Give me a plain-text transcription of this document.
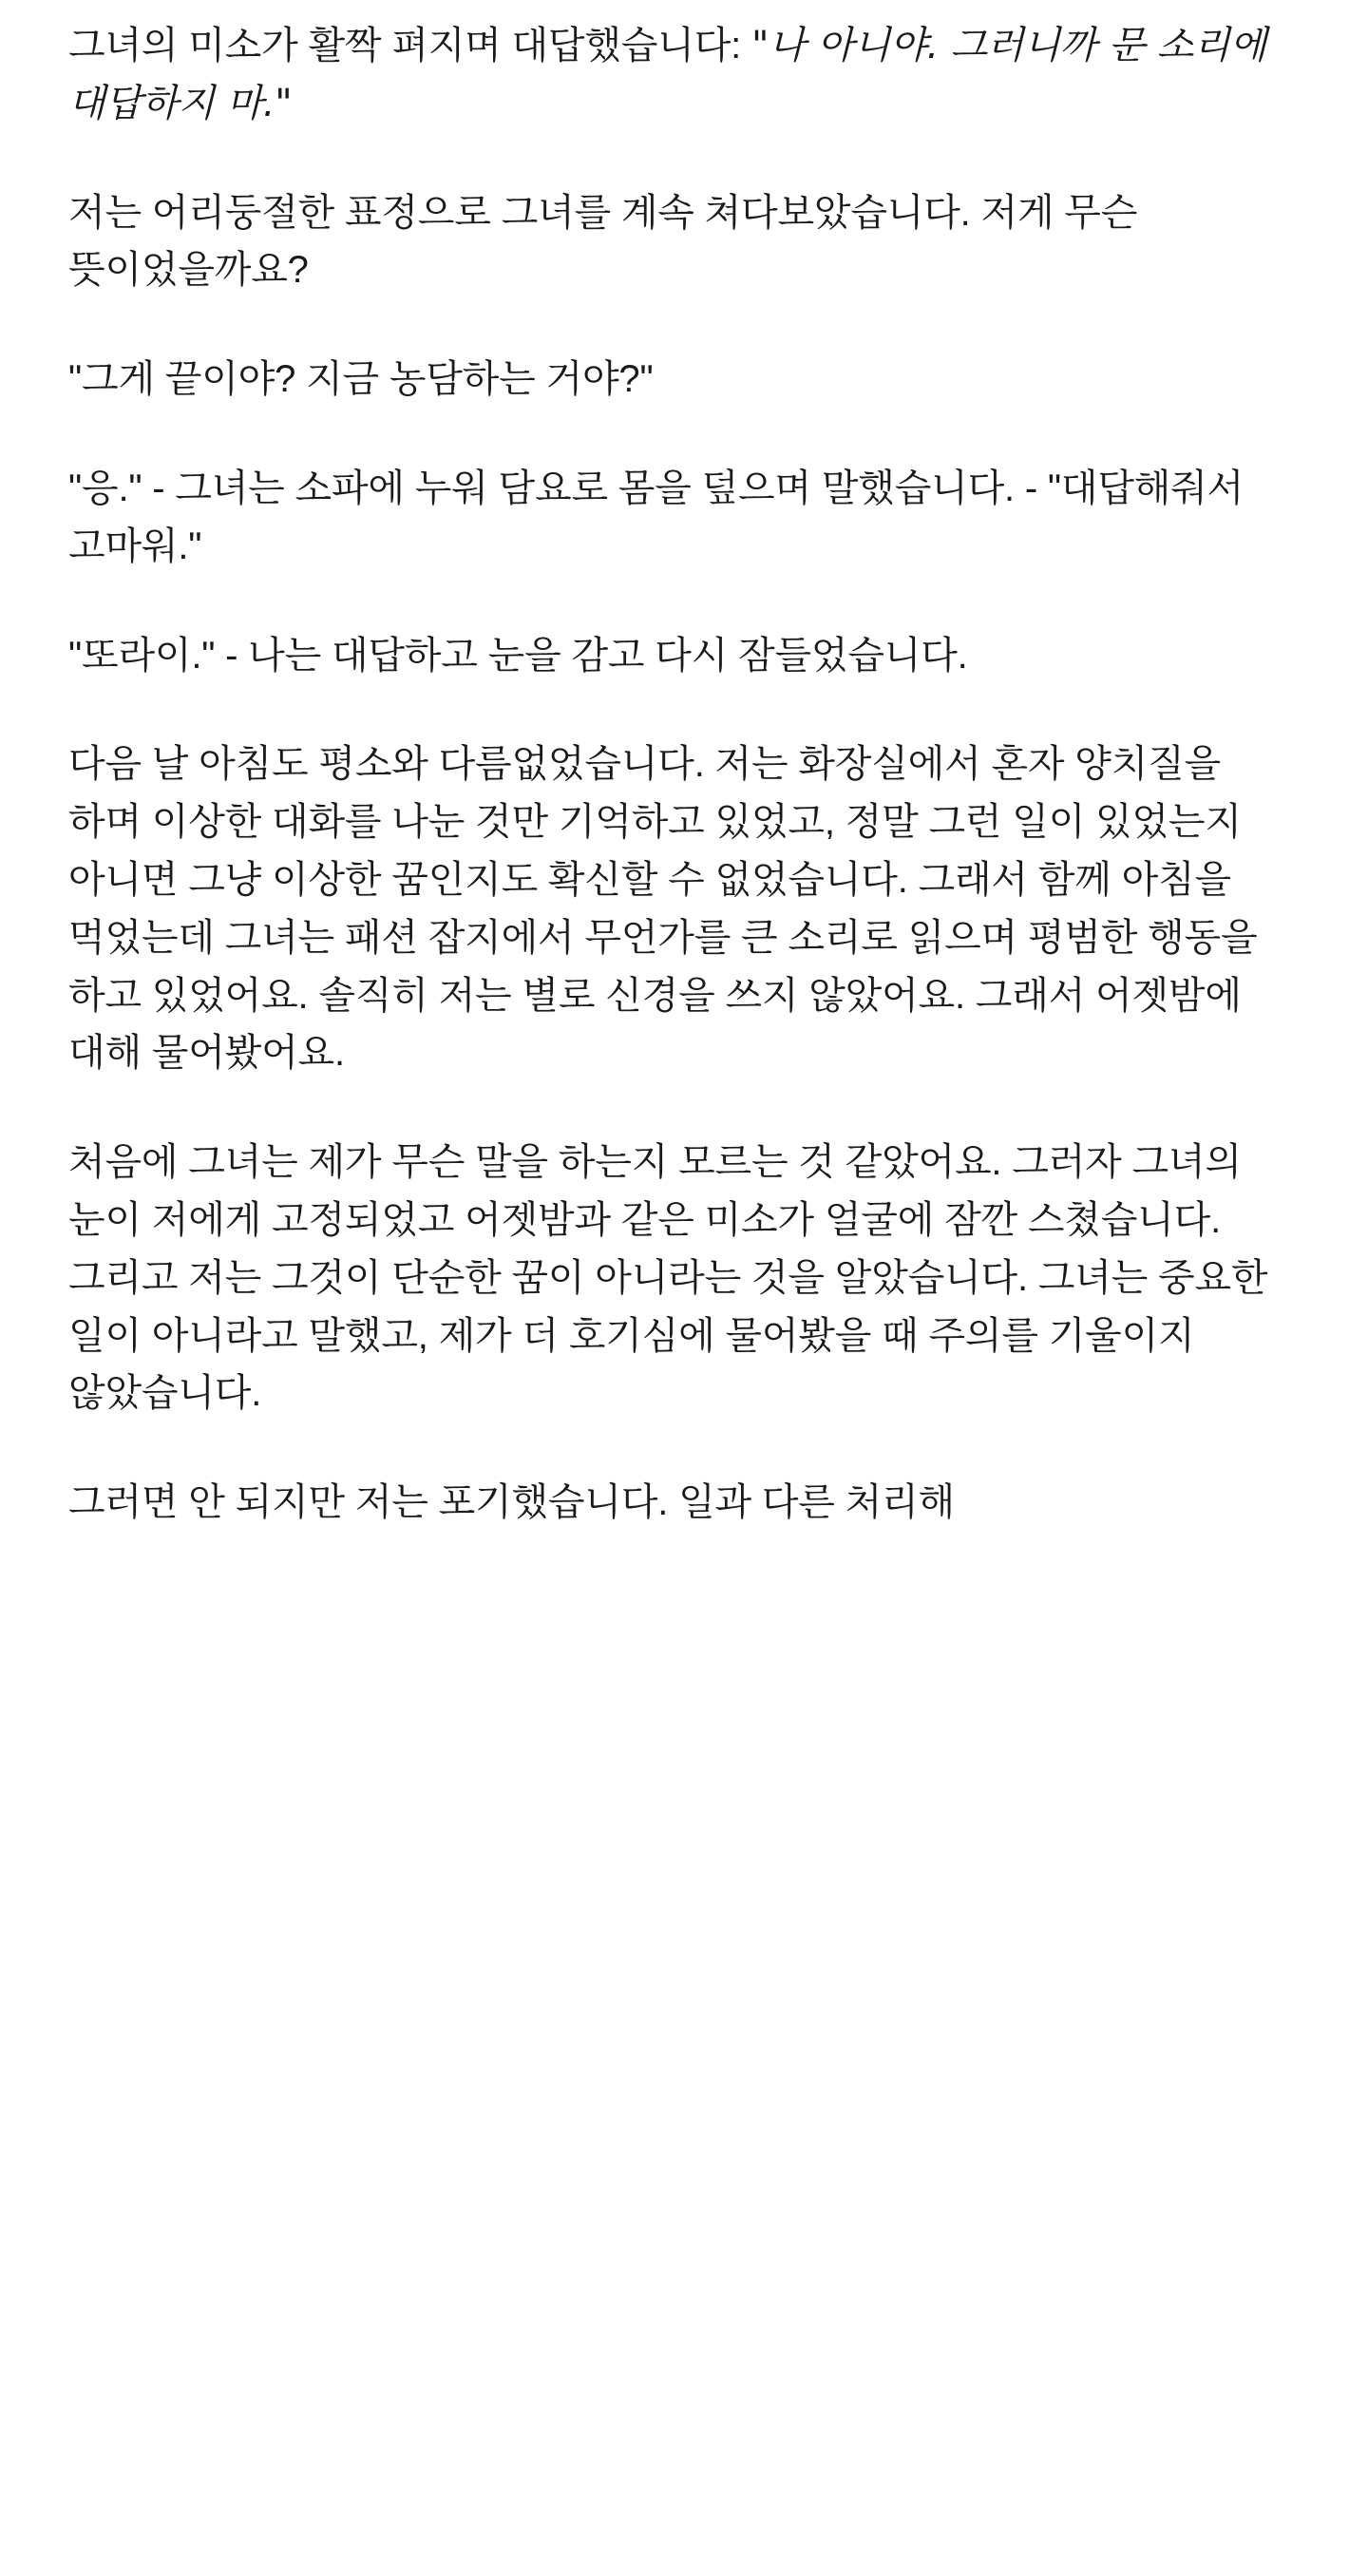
그녀의 미소가 활짝 펴지며 대답했습니다: "나 아니야. 그러니까 문 소리에 대답하지 마."

저는 어리둥절한 표정으로 그녀를 계속 쳐다보았습니다. 저게 무슨 뜻이었을까요?

"그게 끝이야? 지금 농담하는 거야?"

"응." - 그녀는 소파에 누워 담요로 몸을 덮으며 말했습니다. - "대답해줘서 고마워."

"또라이." - 나는 대답하고 눈을 감고 다시 잠들었습니다.

다음 날 아침도 평소와 다름없었습니다. 저는 화장실에서 혼자 양치질을 하며 이상한 대화를 나눈 것만 기억하고 있었고, 정말 그런 일이 있었는지 아니면 그냥 이상한 꿈인지도 확신할 수 없었습니다. 그래서 함께 아침을 먹었는데 그녀는 패션 잡지에서 무언가를 큰 소리로 읽으며 평범한 행동을 하고 있었어요. 솔직히 저는 별로 신경을 쓰지 않았어요. 그래서 어젯밤에 대해 물어봤어요.

처음에 그녀는 제가 무슨 말을 하는지 모르는 것 같았어요. 그러자 그녀의 눈이 저에게 고정되었고 어젯밤과 같은 미소가 얼굴에 잠깐 스쳤습니다. 그리고 저는 그것이 단순한 꿈이 아니라는 것을 알았습니다. 그녀는 중요한 일이 아니라고 말했고, 제가 더 호기심에 물어봤을 때 주의를 기울이지 않았습니다.

그러면 안 되지만 저는 포기했습니다. 일과 다른 처리해
